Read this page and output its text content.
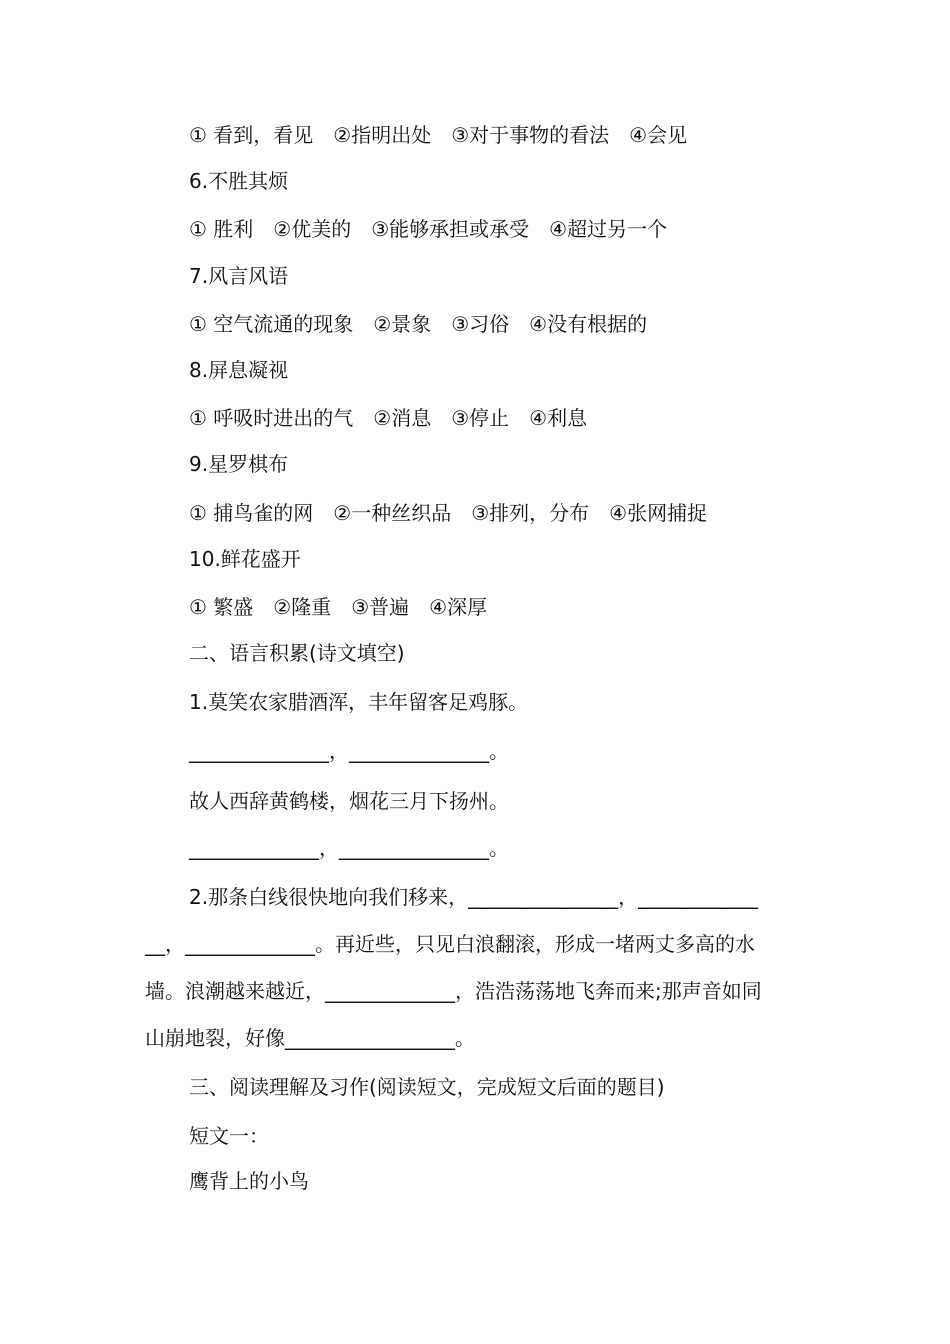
① 看到，看见　②指明出处　③对于事物的看法　④会见
6.不胜其烦
① 胜利　②优美的　③能够承担或承受　④超过另一个
7.风言风语
① 空气流通的现象　②景象　③习俗　④没有根据的
8.屏息凝视
① 呼吸时进出的气　②消息　③停止　④利息
9.星罗棋布
① 捕鸟雀的网　②一种丝织品　③排列，分布　④张网捕捉
10.鲜花盛开
① 繁盛　②隆重　③普遍　④深厚
二、语言积累(诗文填空)
1.莫笑农家腊酒浑，丰年留客足鸡豚。
______________，______________。
故人西辞黄鹤楼，烟花三月下扬州。
_____________，_______________。
2.那条白线很快地向我们移来，_______________，____________
__，_____________。再近些，只见白浪翻滚，形成一堵两丈多高的水
墙。浪潮越来越近，_____________，浩浩荡荡地飞奔而来;那声音如同
山崩地裂，好像_________________。
三、阅读理解及习作(阅读短文，完成短文后面的题目)
短文一：
鹰背上的小鸟
